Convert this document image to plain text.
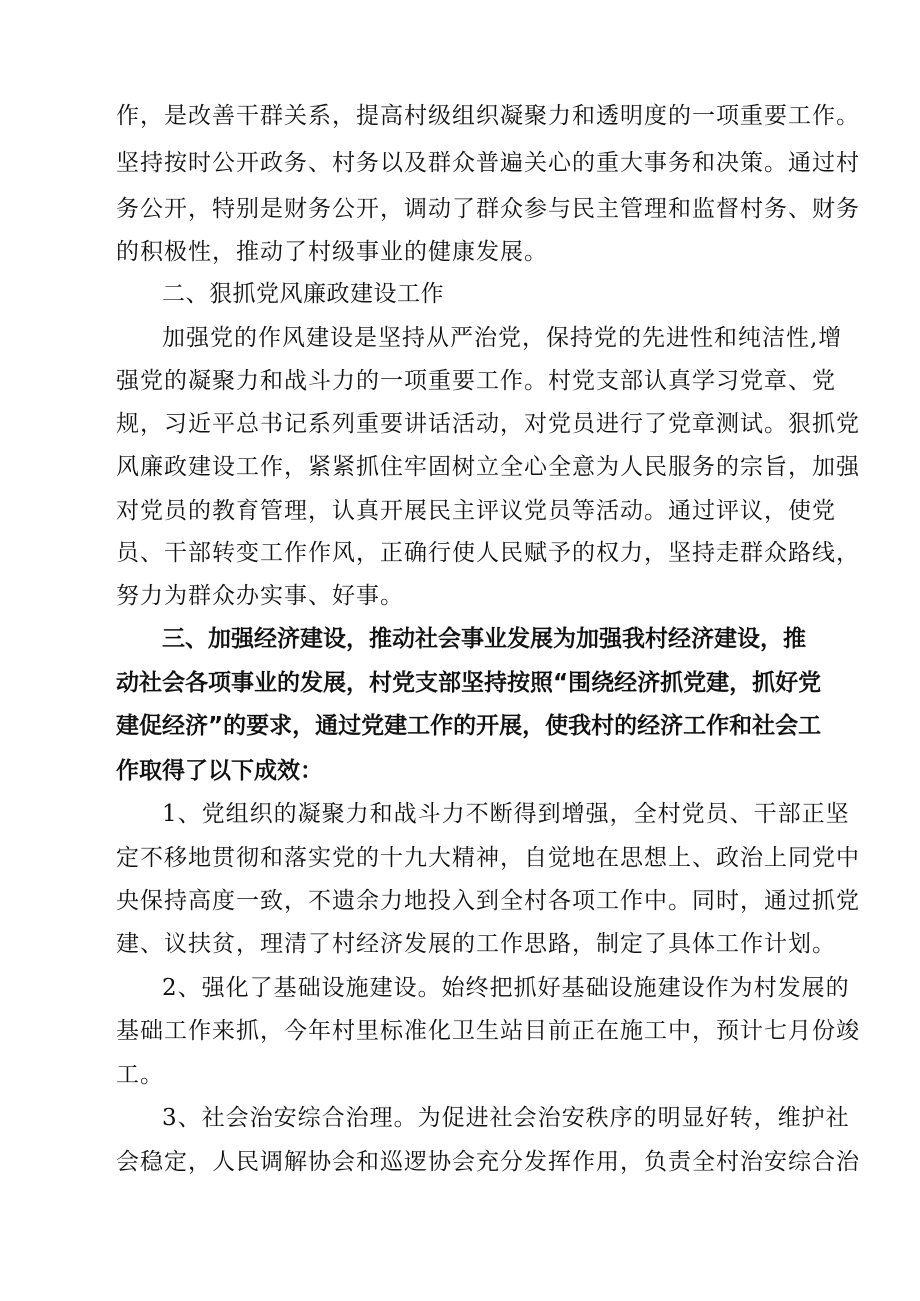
作，是改善干群关系，提高村级组织凝聚力和透明度的一项重要工作。

坚持按时公开政务、村务以及群众普遍关心的重大事务和决策。通过村

务公开，特别是财务公开，调动了群众参与民主管理和监督村务、财务

的积极性，推动了村级事业的健康发展。

二、狠抓党风廉政建设工作

加强党的作风建设是坚持从严治党，保持党的先进性和纯洁性,增

强党的凝聚力和战斗力的一项重要工作。村党支部认真学习党章、党

规，习近平总书记系列重要讲话活动，对党员进行了党章测试。狠抓党

风廉政建设工作，紧紧抓住牢固树立全心全意为人民服务的宗旨，加强

对党员的教育管理，认真开展民主评议党员等活动。通过评议，使党

员、干部转变工作作风，正确行使人民赋予的权力，坚持走群众路线，

努力为群众办实事、好事。

三、加强经济建设，推动社会事业发展为加强我村经济建设，推

动社会各项事业的发展，村党支部坚持按照“围绕经济抓党建，抓好党

建促经济”的要求，通过党建工作的开展，使我村的经济工作和社会工

作取得了以下成效：

1、党组织的凝聚力和战斗力不断得到增强，全村党员、干部正坚

定不移地贯彻和落实党的十九大精神，自觉地在思想上、政治上同党中

央保持高度一致，不遗余力地投入到全村各项工作中。同时，通过抓党

建、议扶贫，理清了村经济发展的工作思路，制定了具体工作计划。

2、强化了基础设施建设。始终把抓好基础设施建设作为村发展的

基础工作来抓，今年村里标准化卫生站目前正在施工中，预计七月份竣

工。

3、社会治安综合治理。为促进社会治安秩序的明显好转，维护社

会稳定，人民调解协会和巡逻协会充分发挥作用，负责全村治安综合治
